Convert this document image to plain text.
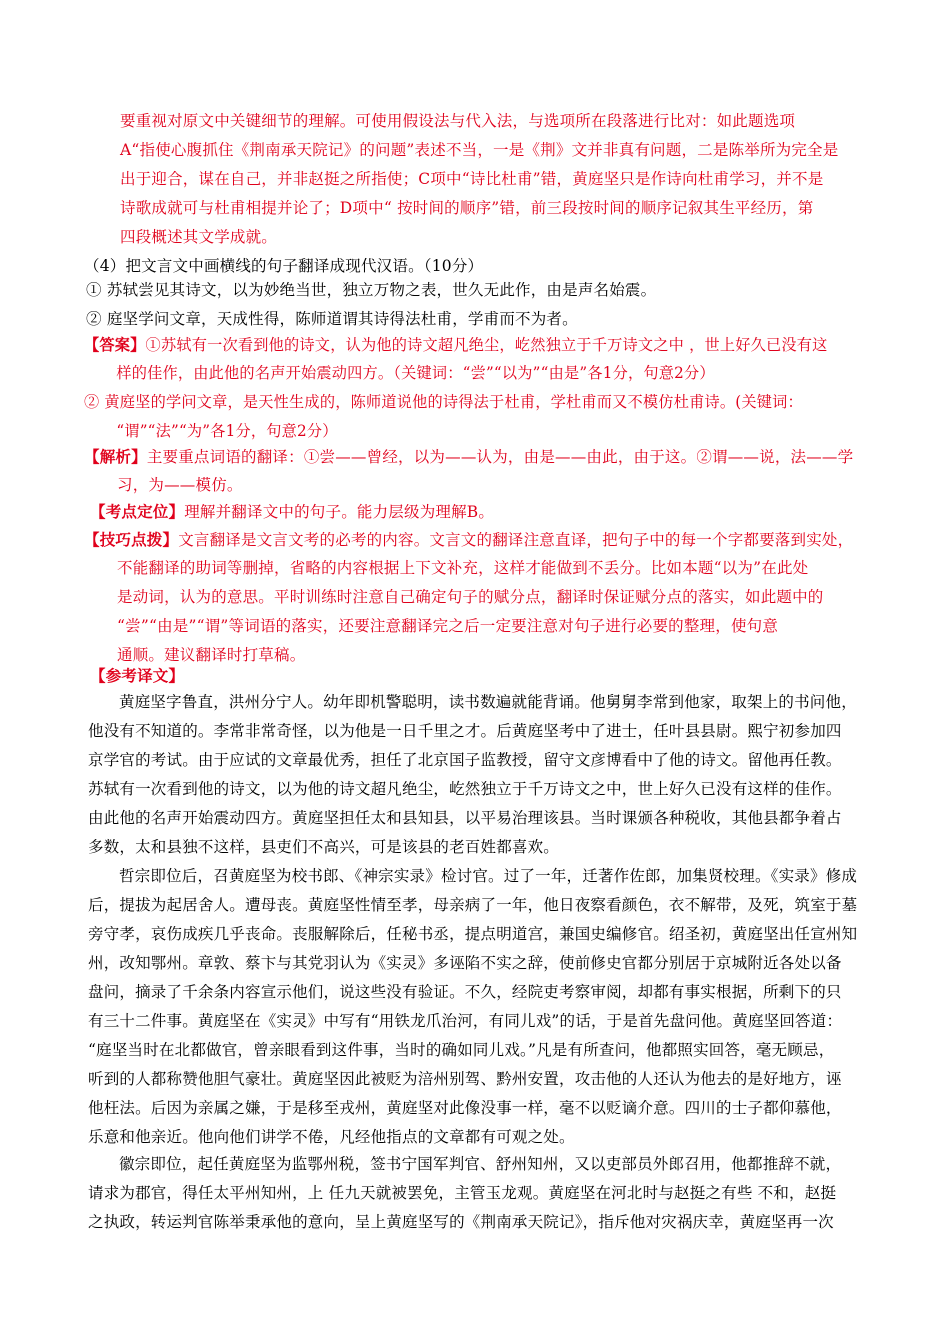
要重视对原文中关键细节的理解。可使用假设法与代入法，与选项所在段落进行比对：如此题选项
A“指使心腹抓住《荆南承天院记》的问题”表述不当，一是《荆》文并非真有问题，二是陈举所为完全是
出于迎合，谋在自己，并非赵挺之所指使；C项中“诗比杜甫”错，黄庭坚只是作诗向杜甫学习，并不是
诗歌成就可与杜甫相提并论了；D项中“ 按时间的顺序”错，前三段按时间的顺序记叙其生平经历，第
四段概述其文学成就。
（4）把文言文中画横线的句子翻译成现代汉语。（10分）
① 苏轼尝见其诗文，以为妙绝当世，独立万物之表，世久无此作，由是声名始震。
② 庭坚学问文章，天成性得，陈师道谓其诗得法杜甫，学甫而不为者。
【答案】①苏轼有一次看到他的诗文，认为他的诗文超凡绝尘，屹然独立于千万诗文之中 ，世上好久已没有这
样的佳作，由此他的名声开始震动四方。（关键词：“尝”“以为”“由是”各1分，句意2分）
② 黄庭坚的学问文章，是天性生成的，陈师道说他的诗得法于杜甫，学杜甫而又不模仿杜甫诗。(关键词：
“谓”“法”“为”各1分，句意2分）
【解析】主要重点词语的翻译：①尝——曾经，以为——认为，由是——由此，由于这。②谓——说，法——学
习，为——模仿。
【考点定位】理解并翻译文中的句子。能力层级为理解B。
【技巧点拨】文言翻译是文言文考的必考的内容。文言文的翻译注意直译，把句子中的每一个字都要落到实处，
不能翻译的助词等删掉，省略的内容根据上下文补充，这样才能做到不丢分。比如本题“以为”在此处
是动词，认为的意思。平时训练时注意自己确定句子的赋分点，翻译时保证赋分点的落实，如此题中的
“尝”“由是”“谓”等词语的落实，还要注意翻译完之后一定要注意对句子进行必要的整理，使句意
通顺。建议翻译时打草稿。
【参考译文】
黄庭坚字鲁直，洪州分宁人。幼年即机警聪明，读书数遍就能背诵。他舅舅李常到他家，取架上的书问他，
他没有不知道的。李常非常奇怪，以为他是一日千里之才。后黄庭坚考中了进士，任叶县县尉。熙宁初参加四
京学官的考试。由于应试的文章最优秀，担任了北京国子监教授，留守文彦博看中了他的诗文。留他再任教。
苏轼有一次看到他的诗文，以为他的诗文超凡绝尘，屹然独立于千万诗文之中，世上好久已没有这样的佳作。
由此他的名声开始震动四方。黄庭坚担任太和县知县，以平易治理该县。当时课颁各种税收，其他县都争着占
多数，太和县独不这样，县吏们不高兴，可是该县的老百姓都喜欢。
哲宗即位后，召黄庭坚为校书郎、《神宗实录》检讨官。过了一年，迁著作佐郎，加集贤校理。《实录》修成
后，提拔为起居舍人。遭母丧。黄庭坚性情至孝，母亲病了一年，他日夜察看颜色，衣不解带，及死，筑室于墓
旁守孝，哀伤成疾几乎丧命。丧服解除后，任秘书丞，提点明道宫，兼国史编修官。绍圣初，黄庭坚出任宣州知
州，改知鄂州。章敦、蔡卞与其党羽认为《实灵》多诬陷不实之辞，使前修史官都分别居于京城附近各处以备
盘问，摘录了千余条内容宣示他们，说这些没有验证。不久，经院吏考察审阅，却都有事实根据，所剩下的只
有三十二件事。黄庭坚在《实灵》中写有“用铁龙爪治河，有同儿戏”的话，于是首先盘问他。黄庭坚回答道：
“庭坚当时在北都做官，曾亲眼看到这件事，当时的确如同儿戏。”凡是有所查问，他都照实回答，毫无顾忌，
听到的人都称赞他胆气豪壮。黄庭坚因此被贬为涪州别驾、黔州安置，攻击他的人还认为他去的是好地方，诬
他枉法。后因为亲属之嫌，于是移至戎州，黄庭坚对此像没事一样，毫不以贬谪介意。四川的士子都仰慕他，
乐意和他亲近。他向他们讲学不倦，凡经他指点的文章都有可观之处。
徽宗即位，起任黄庭坚为监鄂州税，签书宁国军判官、舒州知州，又以吏部员外郎召用，他都推辞不就，
请求为郡官，得任太平州知州，上 任九天就被罢免，主管玉龙观。黄庭坚在河北时与赵挺之有些 不和，赵挺
之执政，转运判官陈举秉承他的意向，呈上黄庭坚写的《荆南承天院记》，指斥他对灾祸庆幸，黄庭坚再一次
